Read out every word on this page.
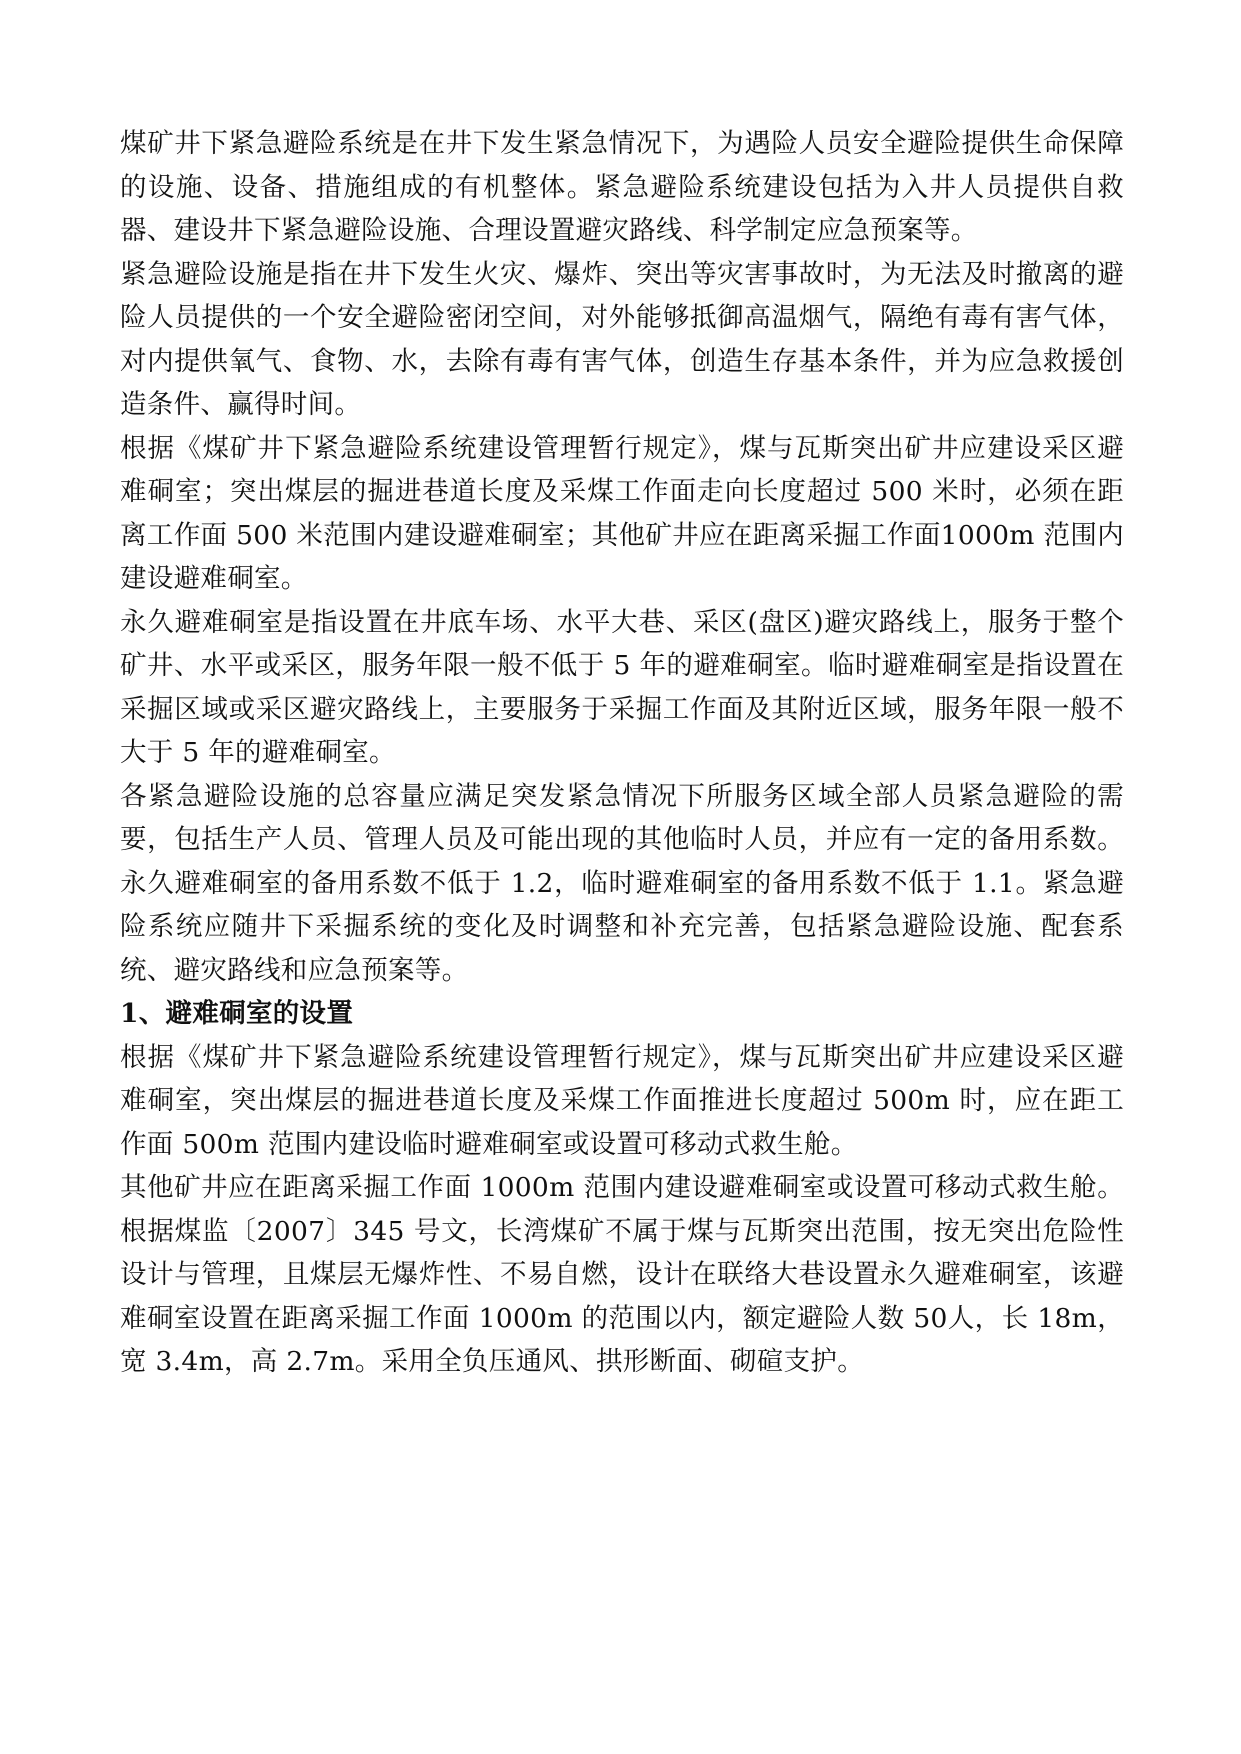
煤矿井下紧急避险系统是在井下发生紧急情况下，为遇险人员安全避险提供生命保障的设施、设备、措施组成的有机整体。紧急避险系统建设包括为入井人员提供自救器、建设井下紧急避险设施、合理设置避灾路线、科学制定应急预案等。

紧急避险设施是指在井下发生火灾、爆炸、突出等灾害事故时，为无法及时撤离的避险人员提供的一个安全避险密闭空间，对外能够抵御高温烟气，隔绝有毒有害气体，对内提供氧气、食物、水，去除有毒有害气体，创造生存基本条件，并为应急救援创造条件、赢得时间。

根据《煤矿井下紧急避险系统建设管理暂行规定》，煤与瓦斯突出矿井应建设采区避难硐室；突出煤层的掘进巷道长度及采煤工作面走向长度超过 500 米时，必须在距离工作面 500 米范围内建设避难硐室；其他矿井应在距离采掘工作面1000m 范围内建设避难硐室。

永久避难硐室是指设置在井底车场、水平大巷、采区(盘区)避灾路线上，服务于整个矿井、水平或采区，服务年限一般不低于 5 年的避难硐室。临时避难硐室是指设置在采掘区域或采区避灾路线上，主要服务于采掘工作面及其附近区域，服务年限一般不大于 5 年的避难硐室。

各紧急避险设施的总容量应满足突发紧急情况下所服务区域全部人员紧急避险的需要，包括生产人员、管理人员及可能出现的其他临时人员，并应有一定的备用系数。永久避难硐室的备用系数不低于 1.2，临时避难硐室的备用系数不低于 1.1。紧急避险系统应随井下采掘系统的变化及时调整和补充完善，包括紧急避险设施、配套系统、避灾路线和应急预案等。

1、避难硐室的设置

根据《煤矿井下紧急避险系统建设管理暂行规定》，煤与瓦斯突出矿井应建设采区避难硐室，突出煤层的掘进巷道长度及采煤工作面推进长度超过 500m 时，应在距工作面 500m 范围内建设临时避难硐室或设置可移动式救生舱。

其他矿井应在距离采掘工作面 1000m 范围内建设避难硐室或设置可移动式救生舱。根据煤监〔2007〕345 号文，长湾煤矿不属于煤与瓦斯突出范围，按无突出危险性设计与管理，且煤层无爆炸性、不易自燃，设计在联络大巷设置永久避难硐室，该避难硐室设置在距离采掘工作面 1000m 的范围以内，额定避险人数 50人，长 18m，宽 3.4m，高 2.7m。采用全负压通风、拱形断面、砌碹支护。
